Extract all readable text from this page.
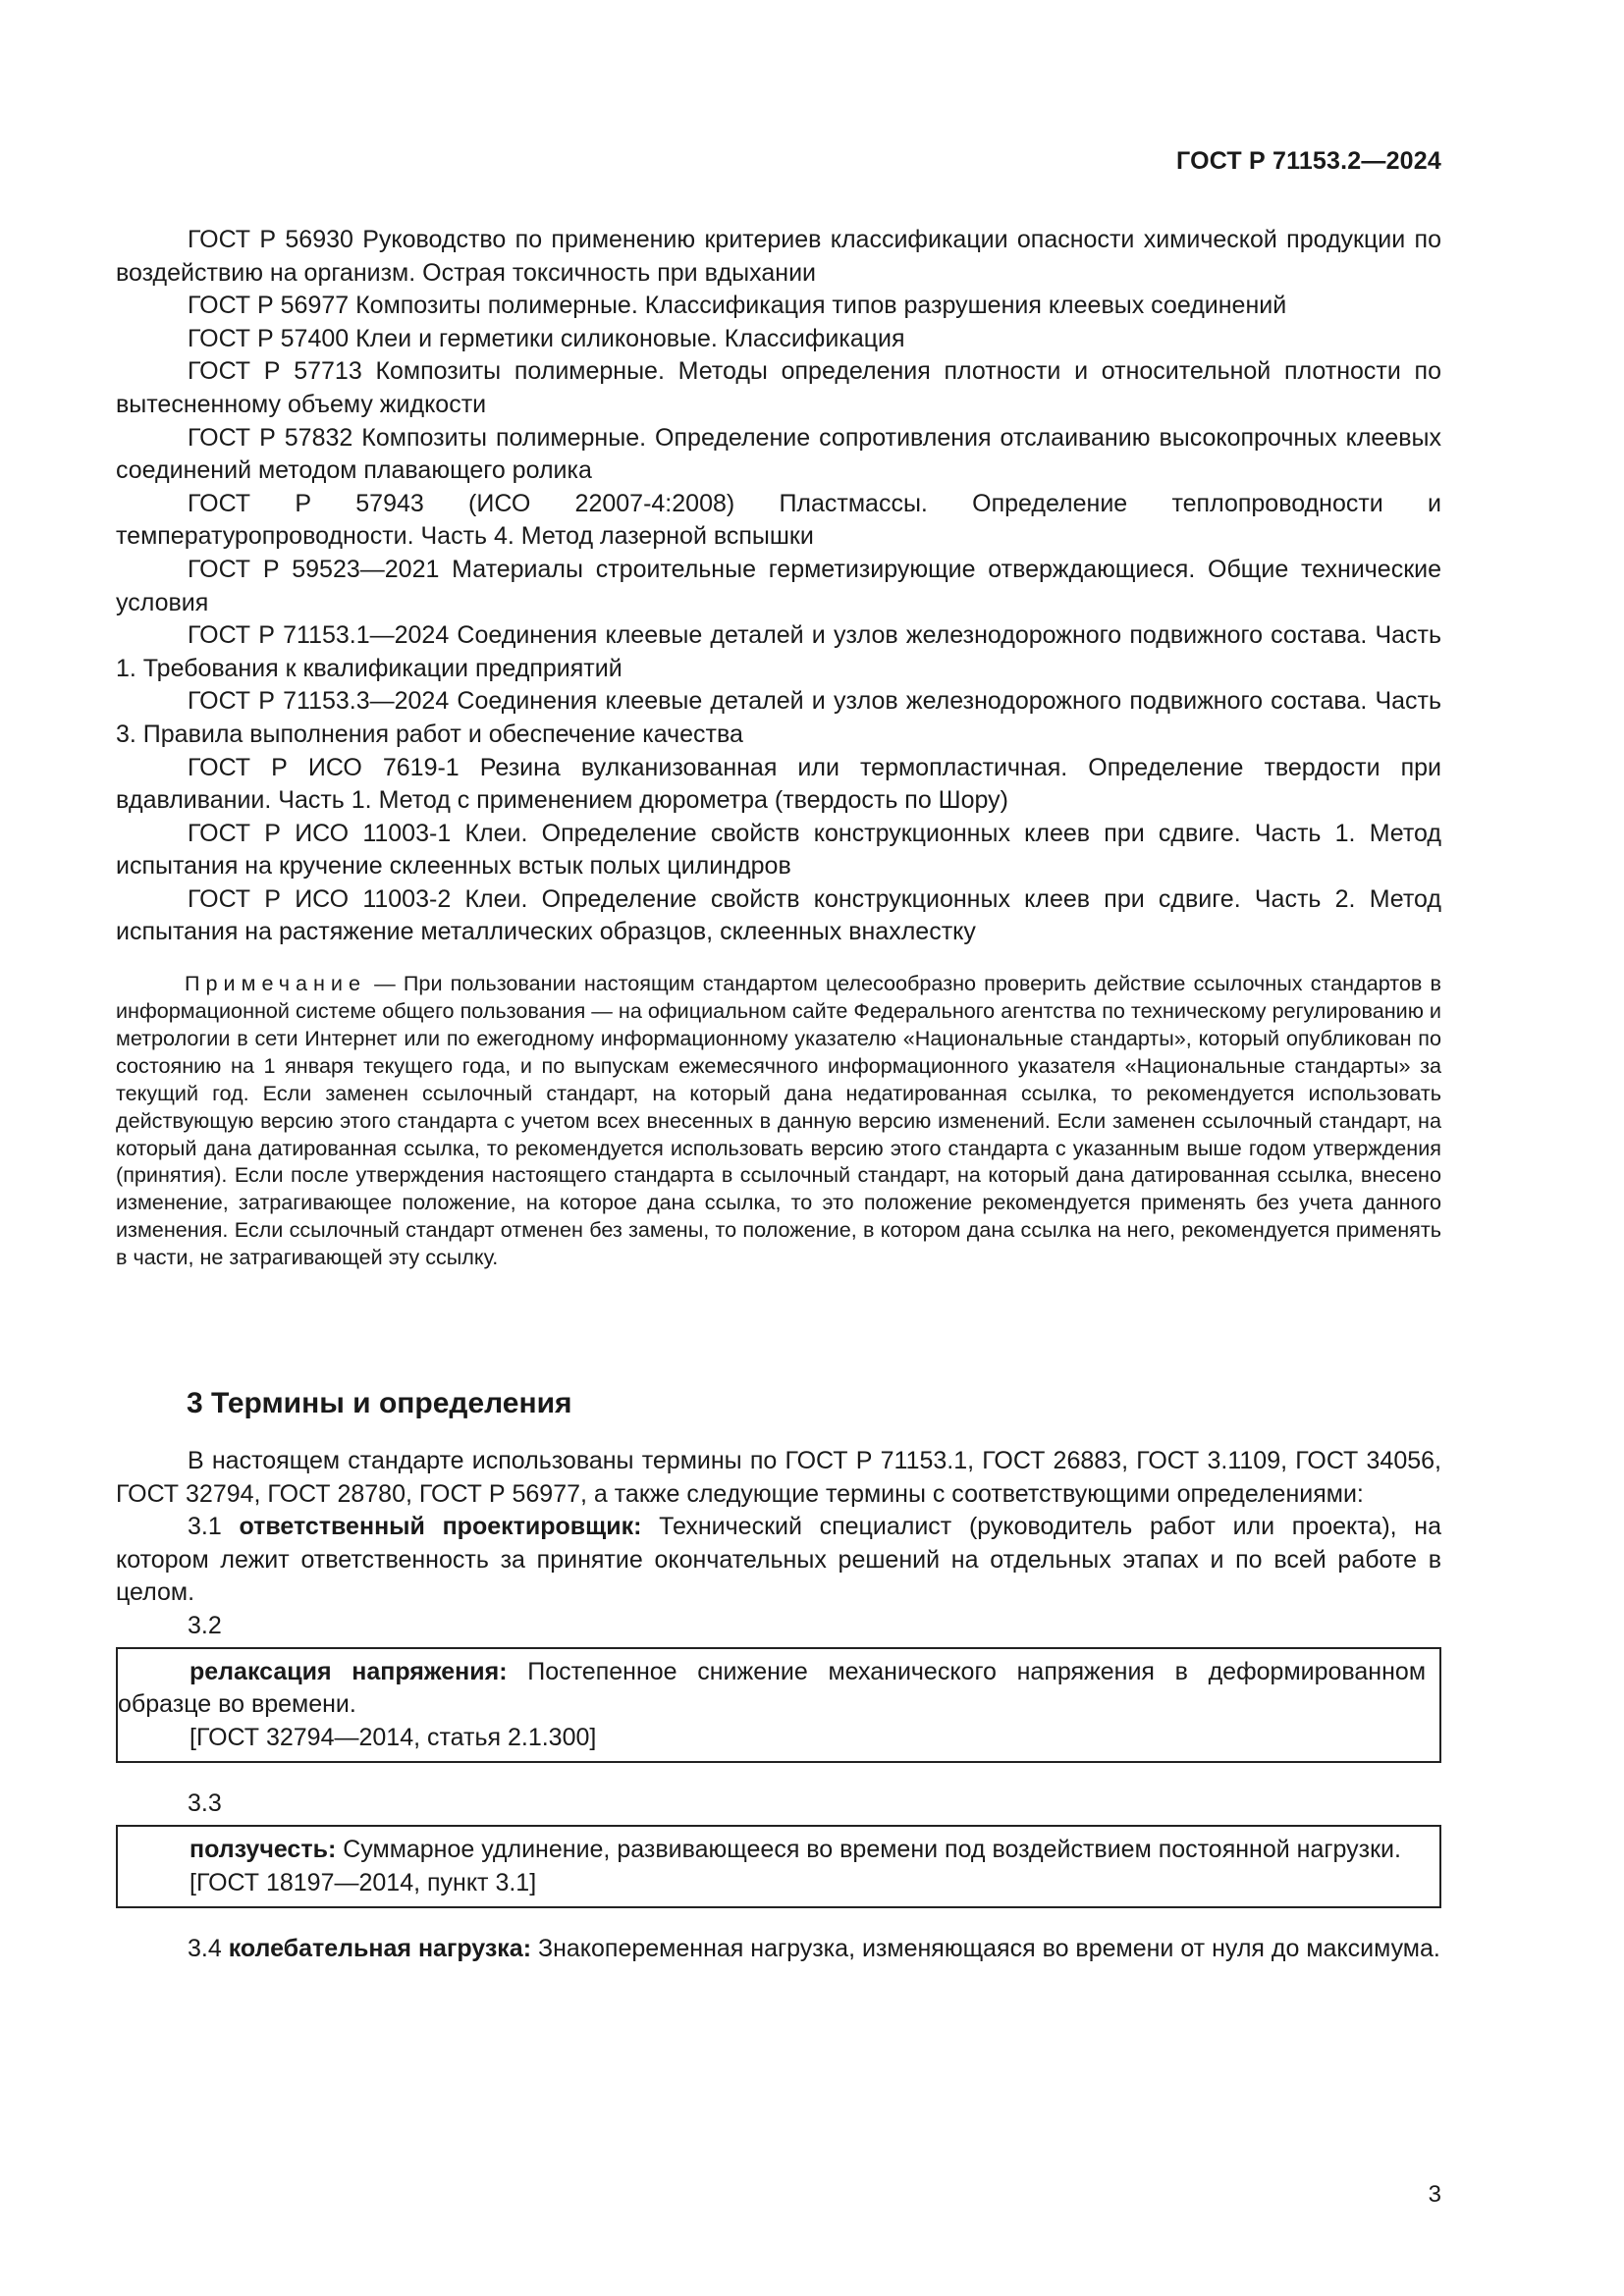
ГОСТ Р 71153.2—2024

ГОСТ Р 56930 Руководство по применению критериев классификации опасности химической продукции по воздействию на организм. Острая токсичность при вдыхании

ГОСТ Р 56977 Композиты полимерные. Классификация типов разрушения клеевых соединений

ГОСТ Р 57400 Клеи и герметики силиконовые. Классификация

ГОСТ Р 57713 Композиты полимерные. Методы определения плотности и относительной плотности по вытесненному объему жидкости

ГОСТ Р 57832 Композиты полимерные. Определение сопротивления отслаиванию высокопрочных клеевых соединений методом плавающего ролика

ГОСТ Р 57943 (ИСО 22007-4:2008) Пластмассы. Определение теплопроводности и температуропроводности. Часть 4. Метод лазерной вспышки

ГОСТ Р 59523—2021 Материалы строительные герметизирующие отверждающиеся. Общие технические условия

ГОСТ Р 71153.1—2024 Соединения клеевые деталей и узлов железнодорожного подвижного состава. Часть 1. Требования к квалификации предприятий

ГОСТ Р 71153.3—2024 Соединения клеевые деталей и узлов железнодорожного подвижного состава. Часть 3. Правила выполнения работ и обеспечение качества

ГОСТ Р ИСО 7619-1 Резина вулканизованная или термопластичная. Определение твердости при вдавливании. Часть 1. Метод с применением дюрометра (твердость по Шору)

ГОСТ Р ИСО 11003-1 Клеи. Определение свойств конструкционных клеев при сдвиге. Часть 1. Метод испытания на кручение склеенных встык полых цилиндров

ГОСТ Р ИСО 11003-2 Клеи. Определение свойств конструкционных клеев при сдвиге. Часть 2. Метод испытания на растяжение металлических образцов, склеенных внахлестку

Примечание — При пользовании настоящим стандартом целесообразно проверить действие ссылочных стандартов в информационной системе общего пользования — на официальном сайте Федерального агентства по техническому регулированию и метрологии в сети Интернет или по ежегодному информационному указателю «Национальные стандарты», который опубликован по состоянию на 1 января текущего года, и по выпускам ежемесячного информационного указателя «Национальные стандарты» за текущий год. Если заменен ссылочный стандарт, на который дана недатированная ссылка, то рекомендуется использовать действующую версию этого стандарта с учетом всех внесенных в данную версию изменений. Если заменен ссылочный стандарт, на который дана датированная ссылка, то рекомендуется использовать версию этого стандарта с указанным выше годом утверждения (принятия). Если после утверждения настоящего стандарта в ссылочный стандарт, на который дана датированная ссылка, внесено изменение, затрагивающее положение, на которое дана ссылка, то это положение рекомендуется применять без учета данного изменения. Если ссылочный стандарт отменен без замены, то положение, в котором дана ссылка на него, рекомендуется применять в части, не затрагивающей эту ссылку.

3 Термины и определения

В настоящем стандарте использованы термины по ГОСТ Р 71153.1, ГОСТ 26883, ГОСТ 3.1109, ГОСТ 34056, ГОСТ 32794, ГОСТ 28780, ГОСТ Р 56977, а также следующие термины с соответствующими определениями:

3.1 ответственный проектировщик: Технический специалист (руководитель работ или проекта), на котором лежит ответственность за принятие окончательных решений на отдельных этапах и по всей работе в целом.

3.2

релаксация напряжения: Постепенное снижение механического напряжения в деформированном образце во времени.

[ГОСТ 32794—2014, статья 2.1.300]
3.3

ползучесть: Суммарное удлинение, развивающееся во времени под воздействием постоянной нагрузки.

[ГОСТ 18197—2014, пункт 3.1]

3.4 колебательная нагрузка: Знакопеременная нагрузка, изменяющаяся во времени от нуля до максимума.

3
